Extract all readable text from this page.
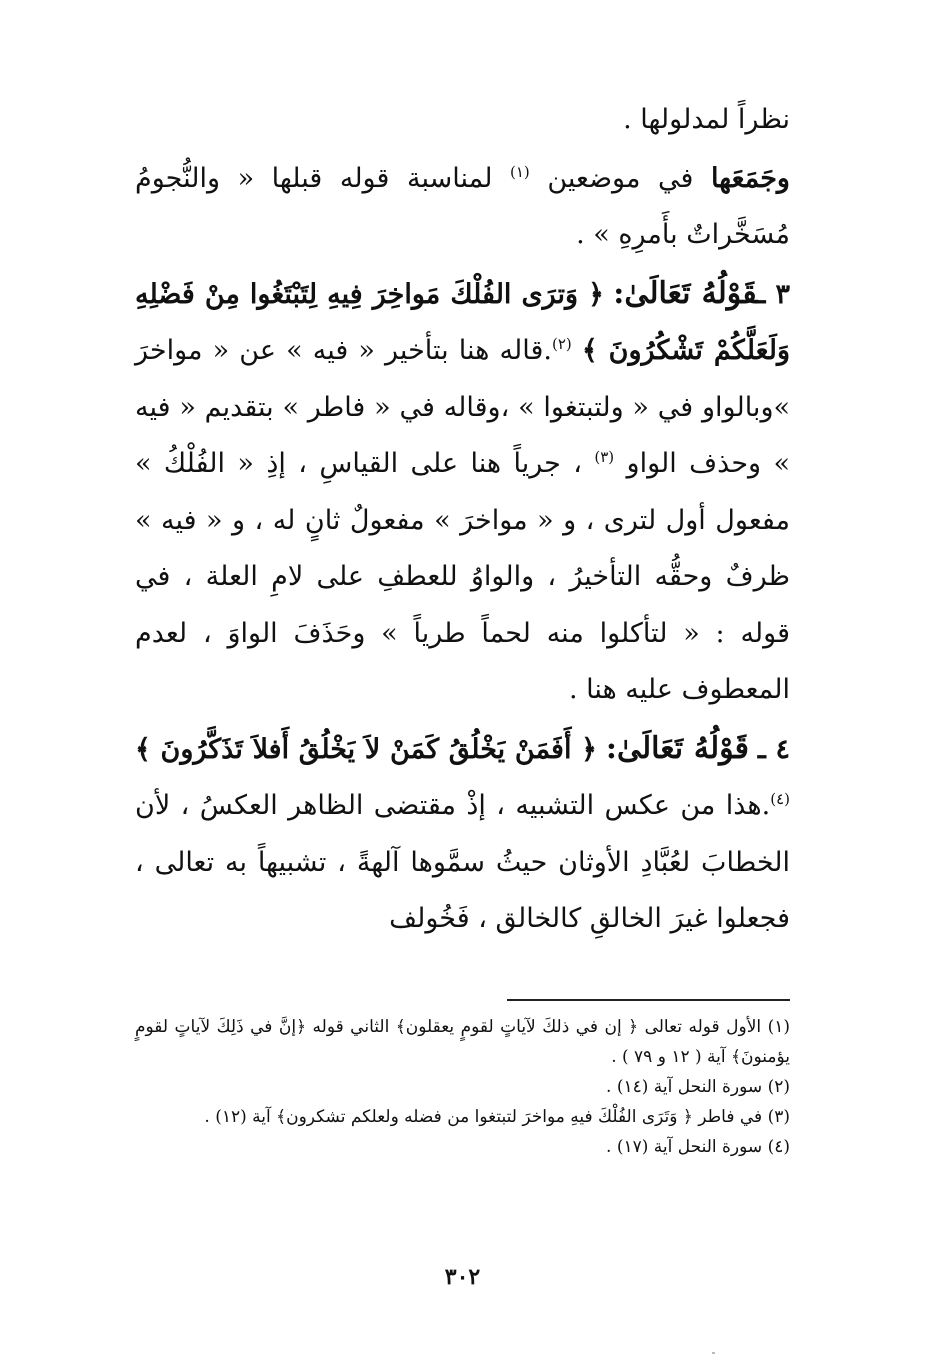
نظراً لمدلولها .

وجَمَعَها في موضعين $^{(١)}$ لمناسبة قوله قبلها « والنُّجومُ مُسَخَّراتٌ بأَمرِهِ » .

٣ ـقَوْلُهُ تَعَالَىٰ: ﴿ وَترَى الفُلْكَ مَواخِرَ فِيهِ لِتَبْتَغُوا مِنْ فَضْلِهِ وَلَعَلَّكُمْ تَشْكُرُونَ ﴾ $^{(٢)}$.قاله هنا بتأخير « فيه » عن « مواخرَ »وبالواو في « ولتبتغوا » ،وقاله في « فاطر » بتقديم « فيه » وحذف الواو $^{(٣)}$ ، جرياً هنا على القياسِ ، إذِ « الفُلْكُ » مفعول أول لترى ، و « مواخرَ » مفعولٌ ثانٍ له ، و « فيه » ظرفٌ وحقُّه التأخيرُ ، والواوُ للعطفِ على لامِ العلة ، في قوله : « لتأكلوا منه لحماً طرياً » وحَذَفَ الواوَ ، لعدم المعطوف عليه هنا .

٤ ـ قَوْلُهُ تَعَالَىٰ: ﴿ أَفَمَنْ يَخْلُقُ كَمَنْ لاَ يَخْلُقُ أَفلاَ تَذَكَّرُونَ ﴾ $^{(٤)}$.هذا من عكس التشبيه ، إذْ مقتضى الظاهر العكسُ ، لأن الخطابَ لعُبَّادِ الأوثان حيثُ سمَّوها آلهةً ، تشبيهاً به تعالى ، فجعلوا غيرَ الخالقِ كالخالق ، فَخُولف

(١) الأول قوله تعالى ﴿ إن في ذلكَ لآياتٍ لقومٍ يعقلون﴾ الثاني قوله ﴿إنَّ في ذَلِكَ لآياتٍ لقومٍ يؤمنونَ﴾ آية ( ١٢ و ٧٩ ) .

(٢) سورة النحل آية (١٤) .

(٣) في فاطر ﴿ وَتَرَى الفُلْكَ فيهِ مواخرَ لتبتغوا من فضله ولعلكم تشكرون﴾ آية (١٢) .

(٤) سورة النحل آية (١٧) .

٣٠٢
